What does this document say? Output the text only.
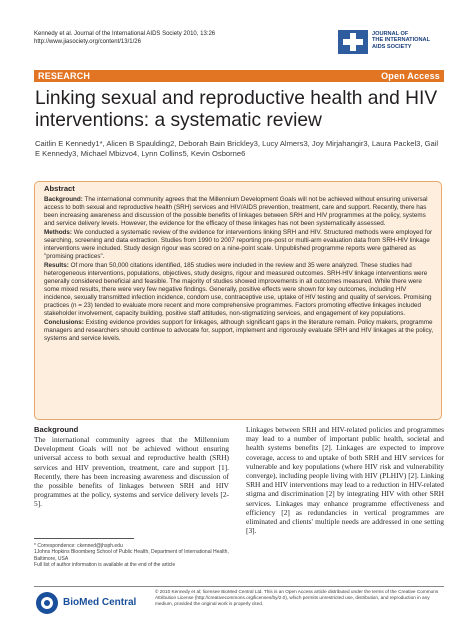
Kennedy et al. Journal of the International AIDS Society 2010, 13:26
http://www.jiasociety.org/content/13/1/26
JOURNAL OF
THE INTERNATIONAL
AIDS SOCIETY
RESEARCH	Open Access
Linking sexual and reproductive health and HIV interventions: a systematic review
Caitlin E Kennedy1*, Alicen B Spaulding2, Deborah Bain Brickley3, Lucy Almers3, Joy Mirjahangir3, Laura Packel3, Gail E Kennedy3, Michael Mbizvo4, Lynn Collins5, Kevin Osborne6
Abstract

Background: The international community agrees that the Millennium Development Goals will not be achieved without ensuring universal access to both sexual and reproductive health (SRH) services and HIV/AIDS prevention, treatment, care and support. Recently, there has been increasing awareness and discussion of the possible benefits of linkages between SRH and HIV programmes at the policy, systems and service delivery levels. However, the evidence for the efficacy of these linkages has not been systematically assessed.

Methods: We conducted a systematic review of the evidence for interventions linking SRH and HIV. Structured methods were employed for searching, screening and data extraction. Studies from 1990 to 2007 reporting pre-post or multi-arm evaluation data from SRH-HIV linkage interventions were included. Study design rigour was scored on a nine-point scale. Unpublished programme reports were gathered as "promising practices".

Results: Of more than 50,000 citations identified, 185 studies were included in the review and 35 were analyzed. These studies had heterogeneous interventions, populations, objectives, study designs, rigour and measured outcomes. SRH-HIV linkage interventions were generally considered beneficial and feasible. The majority of studies showed improvements in all outcomes measured. While there were some mixed results, there were very few negative findings. Generally, positive effects were shown for key outcomes, including HIV incidence, sexually transmitted infection incidence, condom use, contraceptive use, uptake of HIV testing and quality of services. Promising practices (n = 23) tended to evaluate more recent and more comprehensive programmes. Factors promoting effective linkages included stakeholder involvement, capacity building, positive staff attitudes, non-stigmatizing services, and engagement of key populations.

Conclusions: Existing evidence provides support for linkages, although significant gaps in the literature remain. Policy makers, programme managers and researchers should continue to advocate for, support, implement and rigorously evaluate SRH and HIV linkages at the policy, systems and service levels.

Background
The international community agrees that the Millennium Development Goals will not be achieved without ensuring universal access to both sexual and reproductive health (SRH) services and HIV prevention, treatment, care and support [1]. Recently, there has been increasing awareness and discussion of the possible benefits of linkages between SRH and HIV programmes at the policy, systems and service delivery levels [2-5].
Linkages between SRH and HIV-related policies and programmes may lead to a number of important public health, societal and health systems benefits [2]. Linkages are expected to improve coverage, access to and uptake of both SRH and HIV services for vulnerable and key populations (where HIV risk and vulnerability converge), including people living with HIV (PLHIV) [2]. Linking SRH and HIV interventions may lead to a reduction in HIV-related stigma and discrimination [2] by integrating HIV with other SRH services. Linkages may enhance programme effectiveness and efficiency [2] as redundancies in vertical programmes are eliminated and clients' multiple needs are addressed in one setting [3].
* Correspondence: ckenned@jhsph.edu
1Johns Hopkins Bloomberg School of Public Health, Department of International Health, Baltimore, USA
Full list of author information is available at the end of the article
BioMed Central
© 2010 Kennedy et al; licensee BioMed Central Ltd. This is an Open Access article distributed under the terms of the Creative Commons Attribution License (http://creativecommons.org/licenses/by/2.0), which permits unrestricted use, distribution, and reproduction in any medium, provided the original work is properly cited.
